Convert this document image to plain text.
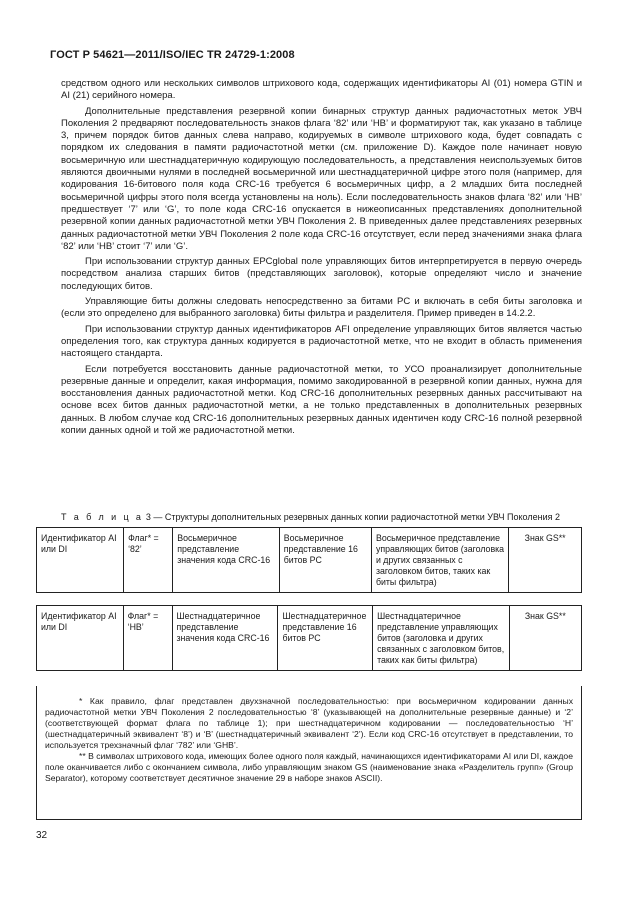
ГОСТ Р 54621—2011/ISO/IEC TR 24729-1:2008

средством одного или нескольких символов штрихового кода, содержащих идентификаторы AI (01) номера GTIN и AI (21) серийного номера.

Дополнительные представления резервной копии бинарных структур данных радиочастотных меток УВЧ Поколения 2 предваряют последовательность знаков флага ‘82’ или ‘HB’ и форматируют так, как указано в таблице 3, причем порядок битов данных слева направо, кодируемых в символе штрихового кода, будет совпадать с порядком их следования в памяти радиочастотной метки (см. приложение D). Каждое поле начинает новую восьмеричную или шестнадцатеричную кодирующую последовательность, а представления неиспользуемых битов являются двоичными нулями в последней восьмеричной или шестнадцатеричной цифре этого поля (например, для кодирования 16-битового поля кода CRC-16 требуется 6 восьмеричных цифр, а 2 младших бита последней восьмеричной цифры этого поля всегда установлены на ноль). Если последовательность знаков флага ‘82’ или ‘HB’ предшествует ‘7’ или ‘G’, то поле кода CRC-16 опускается в нижеописанных представлениях дополнительной резервной копии данных радиочастотной метки УВЧ Поколения 2. В приведенных далее представлениях резервных данных радиочастотной метки УВЧ Поколения 2 поле кода CRC-16 отсутствует, если перед значениями знака флага ‘82’ или ‘HB’ стоит ‘7’ или ‘G’.

При использовании структур данных EPCglobal поле управляющих битов интерпретируется в первую очередь посредством анализа старших битов (представляющих заголовок), которые определяют число и значение последующих битов.

Управляющие биты должны следовать непосредственно за битами PC и включать в себя биты заголовка и (если это определено для выбранного заголовка) биты фильтра и разделителя. Пример приведен в 14.2.2.

При использовании структур данных идентификаторов AFI определение управляющих битов является частью определения того, как структура данных кодируется в радиочастотной метке, что не входит в область применения настоящего стандарта.

Если потребуется восстановить данные радиочастотной метки, то УСО проанализирует дополнительные резервные данные и определит, какая информация, помимо закодированной в резервной копии данных, нужна для восстановления данных радиочастотной метки. Код CRC-16 дополнительных резервных данных рассчитывают на основе всех битов данных радиочастотной метки, а не только представленных в дополнительных резервных данных. В любом случае код CRC-16 дополнительных резервных данных идентичен коду CRC-16 полной резервной копии данных одной и той же радиочастотной метки.

Т а б л и ц а 3 — Структуры дополнительных резервных данных копии радиочастотной метки УВЧ Поколения 2
Идентификатор AI или DI	Флаг* = ‘82’	Восьмеричное представление значения кода CRC-16	Восьмеричное представление 16 битов PC	Восьмеричное представление управляющих битов (заголовка и других связанных с заголовком битов, таких как биты фильтра)	Знак GS**
Идентификатор AI или DI	Флаг* = ‘HB’	Шестнадцатеричное представление значения кода CRC-16	Шестнадцатеричное представление 16 битов PC	Шестнадцатеричное представление управляющих битов (заголовка и других связанных с заголовком битов, таких как биты фильтра)	Знак GS**

* Как правило, флаг представлен двухзначной последовательностью: при восьмеричном кодировании данных радиочастотной метки УВЧ Поколения 2 последовательностью ‘8’ (указывающей на дополнительные резервные данные) и ‘2’ (соответствующей формат флага по таблице 1); при шестнадцатеричном кодировании — последовательностью ‘H’ (шестнадцатеричный эквивалент ‘8’) и ‘B’ (шестнадцатеричный эквивалент ‘2’). Если код CRC-16 отсутствует в представлении, то используется трехзначный флаг ‘782’ или ‘GHB’.

** В символах штрихового кода, имеющих более одного поля каждый, начинающихся идентификаторами AI или DI, каждое поле оканчивается либо с окончанием символа, либо управляющим знаком GS (наименование знака «Разделитель групп» (Group Separator), которому соответствует десятичное значение 29 в наборе знаков ASCII).

32
